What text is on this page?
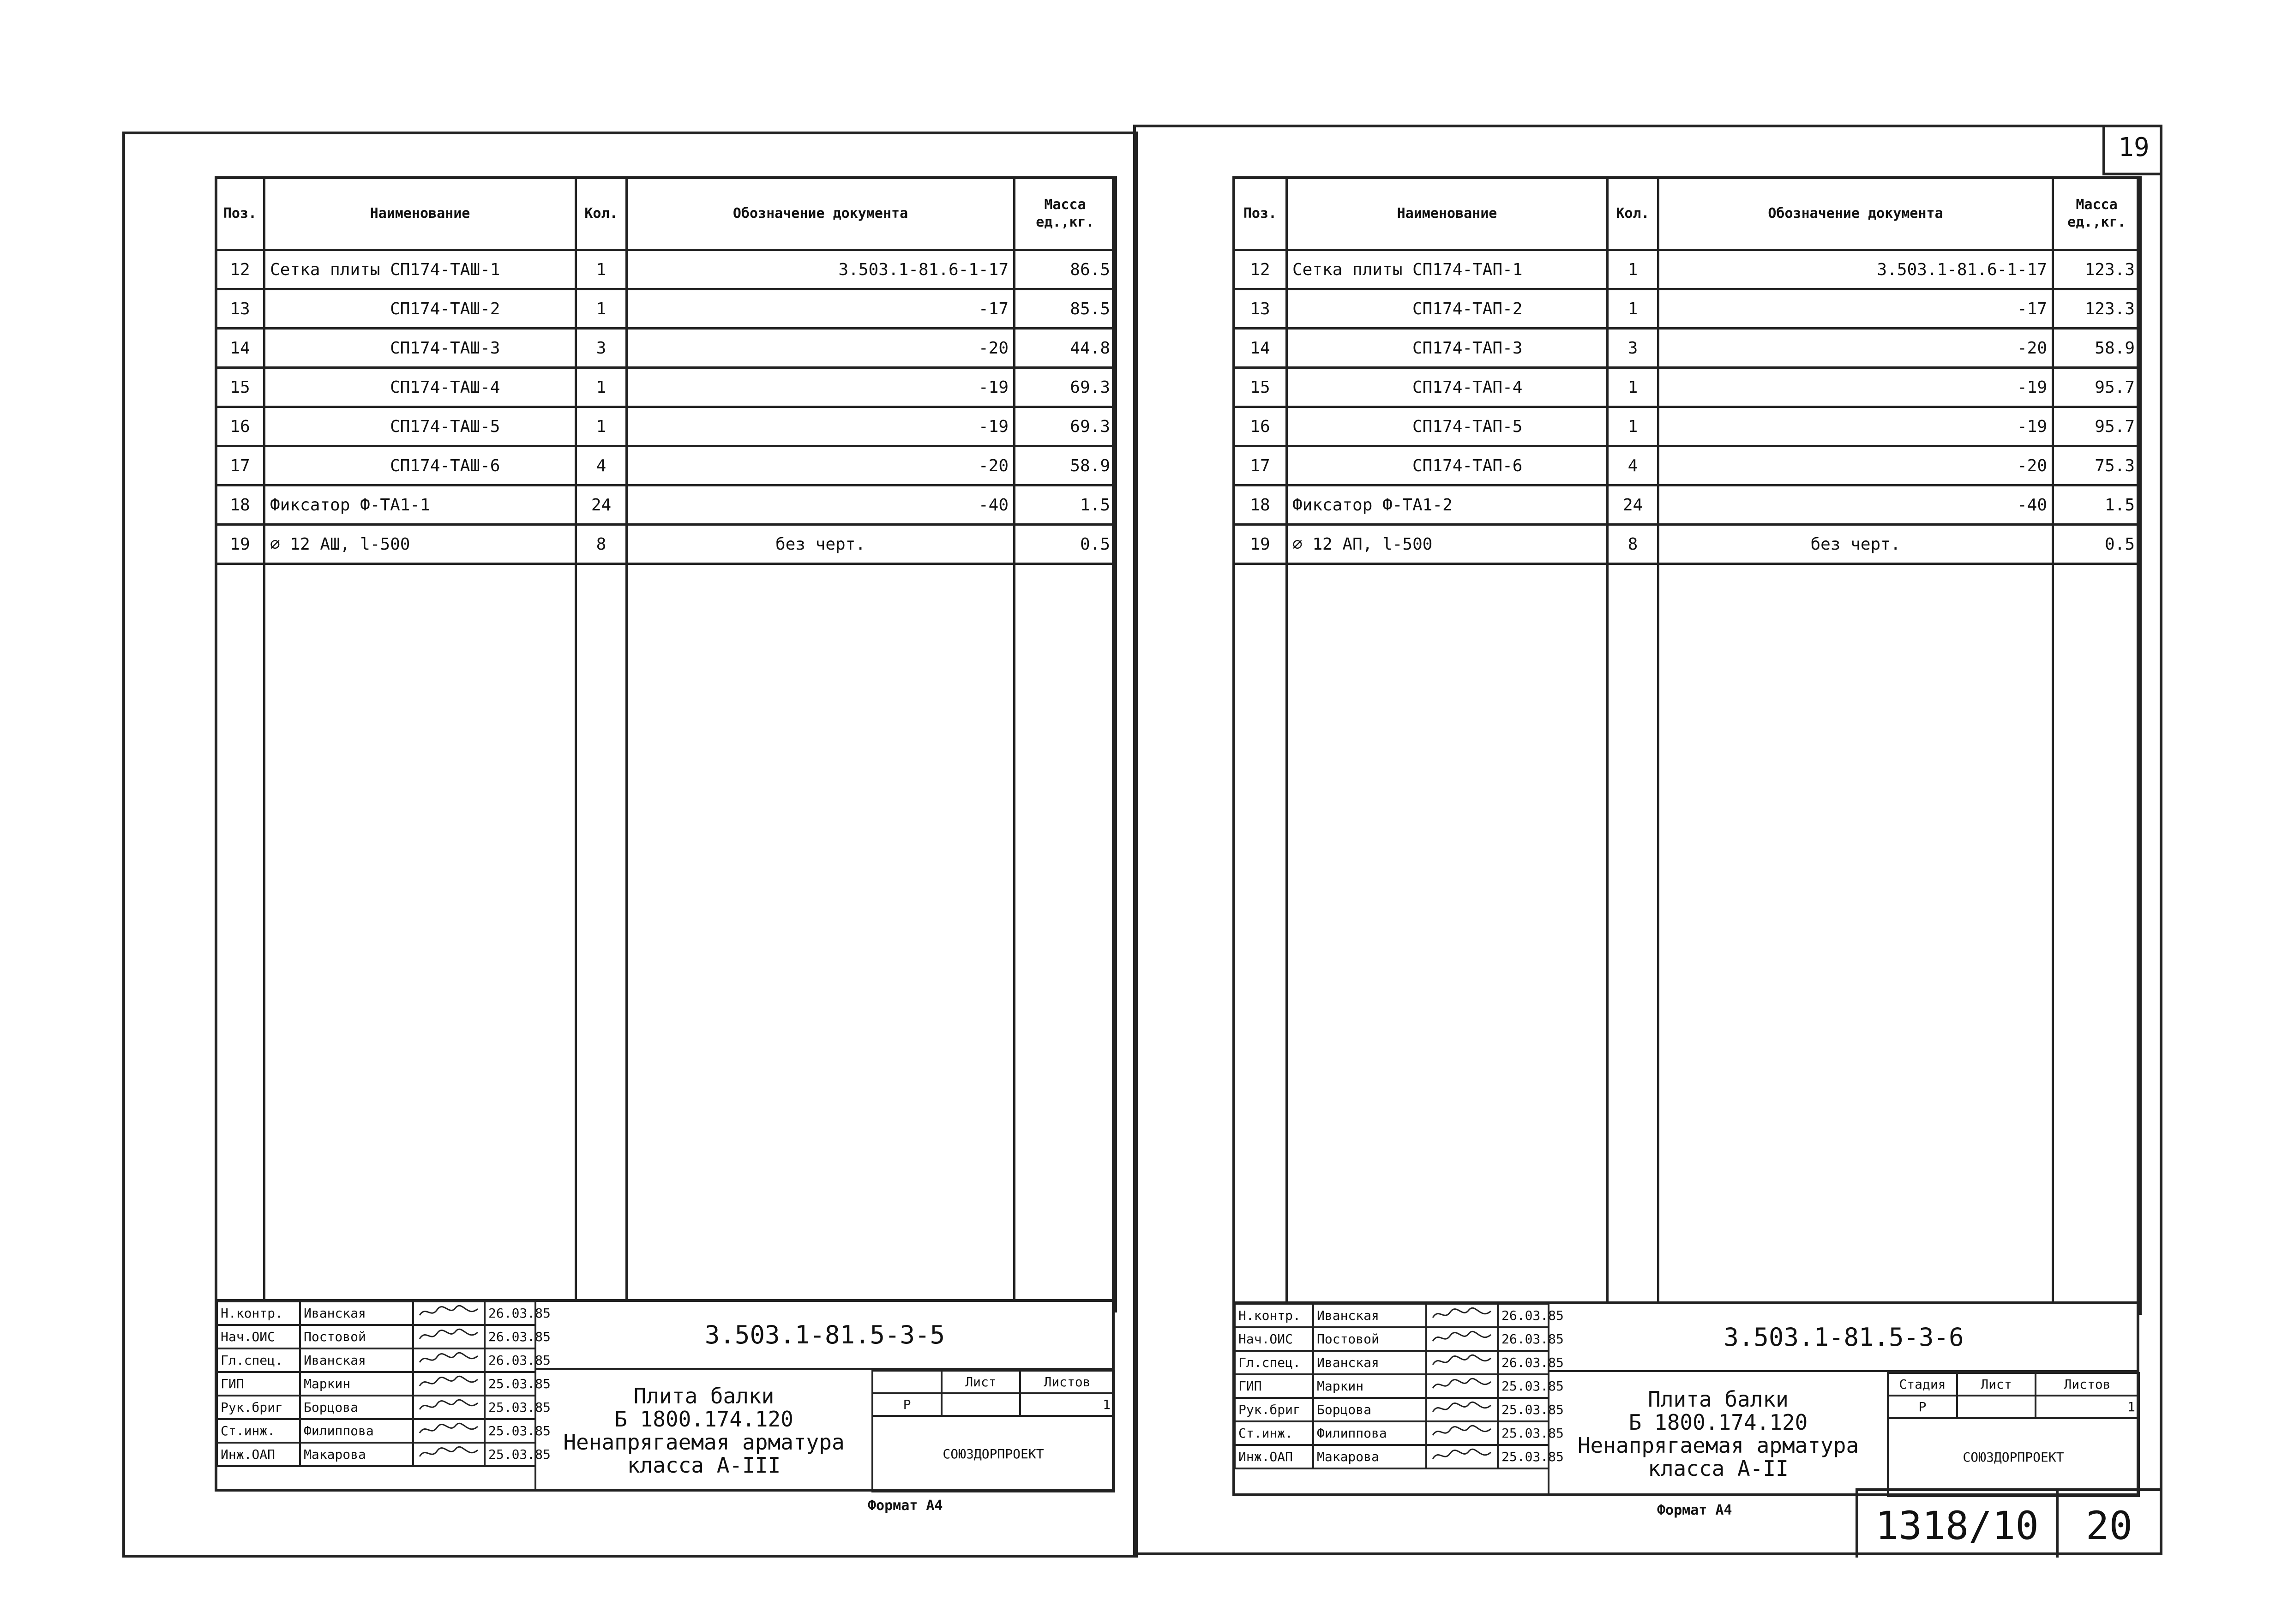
19
Поз.	Наименование	Кол.	Обозначение документа	Масса ед.,кг.
12	Сетка плиты СП174-ТАШ-1	1	3.503.1-81.6-1-17	86.5
13	СП174-ТАШ-2	1	-17	85.5
14	СП174-ТАШ-3	3	-20	44.8
15	СП174-ТАШ-4	1	-19	69.3
16	СП174-ТАШ-5	1	-19	69.3
17	СП174-ТАШ-6	4	-20	58.9
18	Фиксатор Ф-ТА1-1	24	-40	1.5
19	⌀ 12 АШ, l-500	8	без черт.	0.5

Н.контр.	Иванская		26.03.85
Нач.ОИС	Постовой		26.03.85
Гл.спец.	Иванская		26.03.85
ГИП	Маркин		25.03.85
Рук.бриг	Борцова		25.03.85
Ст.инж.	Филиппова		25.03.85
Инж.ОАП	Макарова		25.03.85
3.503.1-81.5-3-5
Плита балки
Б 1800.174.120
Ненапрягаемая арматура
класса А-III
	Лист	Листов
Р		1
СОЮЗДОРПРОЕКТ		
Формат А4
Поз.	Наименование	Кол.	Обозначение документа	Масса ед.,кг.
12	Сетка плиты СП174-ТАП-1	1	3.503.1-81.6-1-17	123.3
13	СП174-ТАП-2	1	-17	123.3
14	СП174-ТАП-3	3	-20	58.9
15	СП174-ТАП-4	1	-19	95.7
16	СП174-ТАП-5	1	-19	95.7
17	СП174-ТАП-6	4	-20	75.3
18	Фиксатор Ф-ТА1-2	24	-40	1.5
19	⌀ 12 АП, l-500	8	без черт.	0.5

Н.контр.	Иванская		26.03.85
Нач.ОИС	Постовой		26.03.85
Гл.спец.	Иванская		26.03.85
ГИП	Маркин		25.03.85
Рук.бриг	Борцова		25.03.85
Ст.инж.	Филиппова		25.03.85
Инж.ОАП	Макарова		25.03.85
3.503.1-81.5-3-6
Плита балки
Б 1800.174.120
Ненапрягаемая арматура
класса А-II
Стадия	Лист	Листов
Р		1
СОЮЗДОРПРОЕКТ		
Формат А4	1318/10	20
